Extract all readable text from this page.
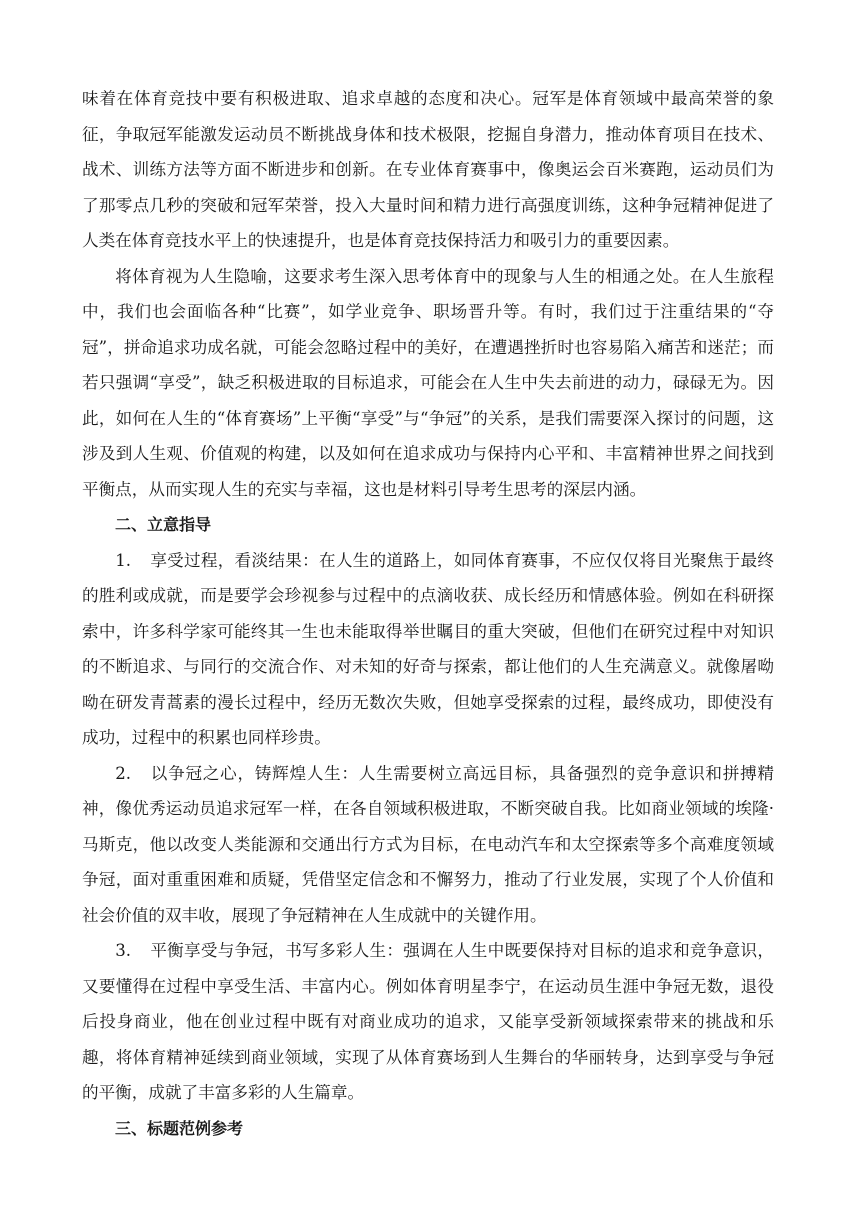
味着在体育竞技中要有积极进取、追求卓越的态度和决心。冠军是体育领域中最高荣誉的象征，争取冠军能激发运动员不断挑战身体和技术极限，挖掘自身潜力，推动体育项目在技术、战术、训练方法等方面不断进步和创新。在专业体育赛事中，像奥运会百米赛跑，运动员们为了那零点几秒的突破和冠军荣誉，投入大量时间和精力进行高强度训练，这种争冠精神促进了人类在体育竞技水平上的快速提升，也是体育竞技保持活力和吸引力的重要因素。

将体育视为人生隐喻，这要求考生深入思考体育中的现象与人生的相通之处。在人生旅程中，我们也会面临各种“比赛”，如学业竞争、职场晋升等。有时，我们过于注重结果的“夺冠”，拼命追求功成名就，可能会忽略过程中的美好，在遭遇挫折时也容易陷入痛苦和迷茫；而若只强调“享受”，缺乏积极进取的目标追求，可能会在人生中失去前进的动力，碌碌无为。因此，如何在人生的“体育赛场”上平衡“享受”与“争冠”的关系，是我们需要深入探讨的问题，这涉及到人生观、价值观的构建，以及如何在追求成功与保持内心平和、丰富精神世界之间找到平衡点，从而实现人生的充实与幸福，这也是材料引导考生思考的深层内涵。

二、立意指导

1. 享受过程，看淡结果：在人生的道路上，如同体育赛事，不应仅仅将目光聚焦于最终的胜利或成就，而是要学会珍视参与过程中的点滴收获、成长经历和情感体验。例如在科研探索中，许多科学家可能终其一生也未能取得举世瞩目的重大突破，但他们在研究过程中对知识的不断追求、与同行的交流合作、对未知的好奇与探索，都让他们的人生充满意义。就像屠呦呦在研发青蒿素的漫长过程中，经历无数次失败，但她享受探索的过程，最终成功，即使没有成功，过程中的积累也同样珍贵。

2. 以争冠之心，铸辉煌人生：人生需要树立高远目标，具备强烈的竞争意识和拼搏精神，像优秀运动员追求冠军一样，在各自领域积极进取，不断突破自我。比如商业领域的埃隆·马斯克，他以改变人类能源和交通出行方式为目标，在电动汽车和太空探索等多个高难度领域争冠，面对重重困难和质疑，凭借坚定信念和不懈努力，推动了行业发展，实现了个人价值和社会价值的双丰收，展现了争冠精神在人生成就中的关键作用。

3. 平衡享受与争冠，书写多彩人生：强调在人生中既要保持对目标的追求和竞争意识，又要懂得在过程中享受生活、丰富内心。例如体育明星李宁，在运动员生涯中争冠无数，退役后投身商业，他在创业过程中既有对商业成功的追求，又能享受新领域探索带来的挑战和乐趣，将体育精神延续到商业领域，实现了从体育赛场到人生舞台的华丽转身，达到享受与争冠的平衡，成就了丰富多彩的人生篇章。

三、标题范例参考
